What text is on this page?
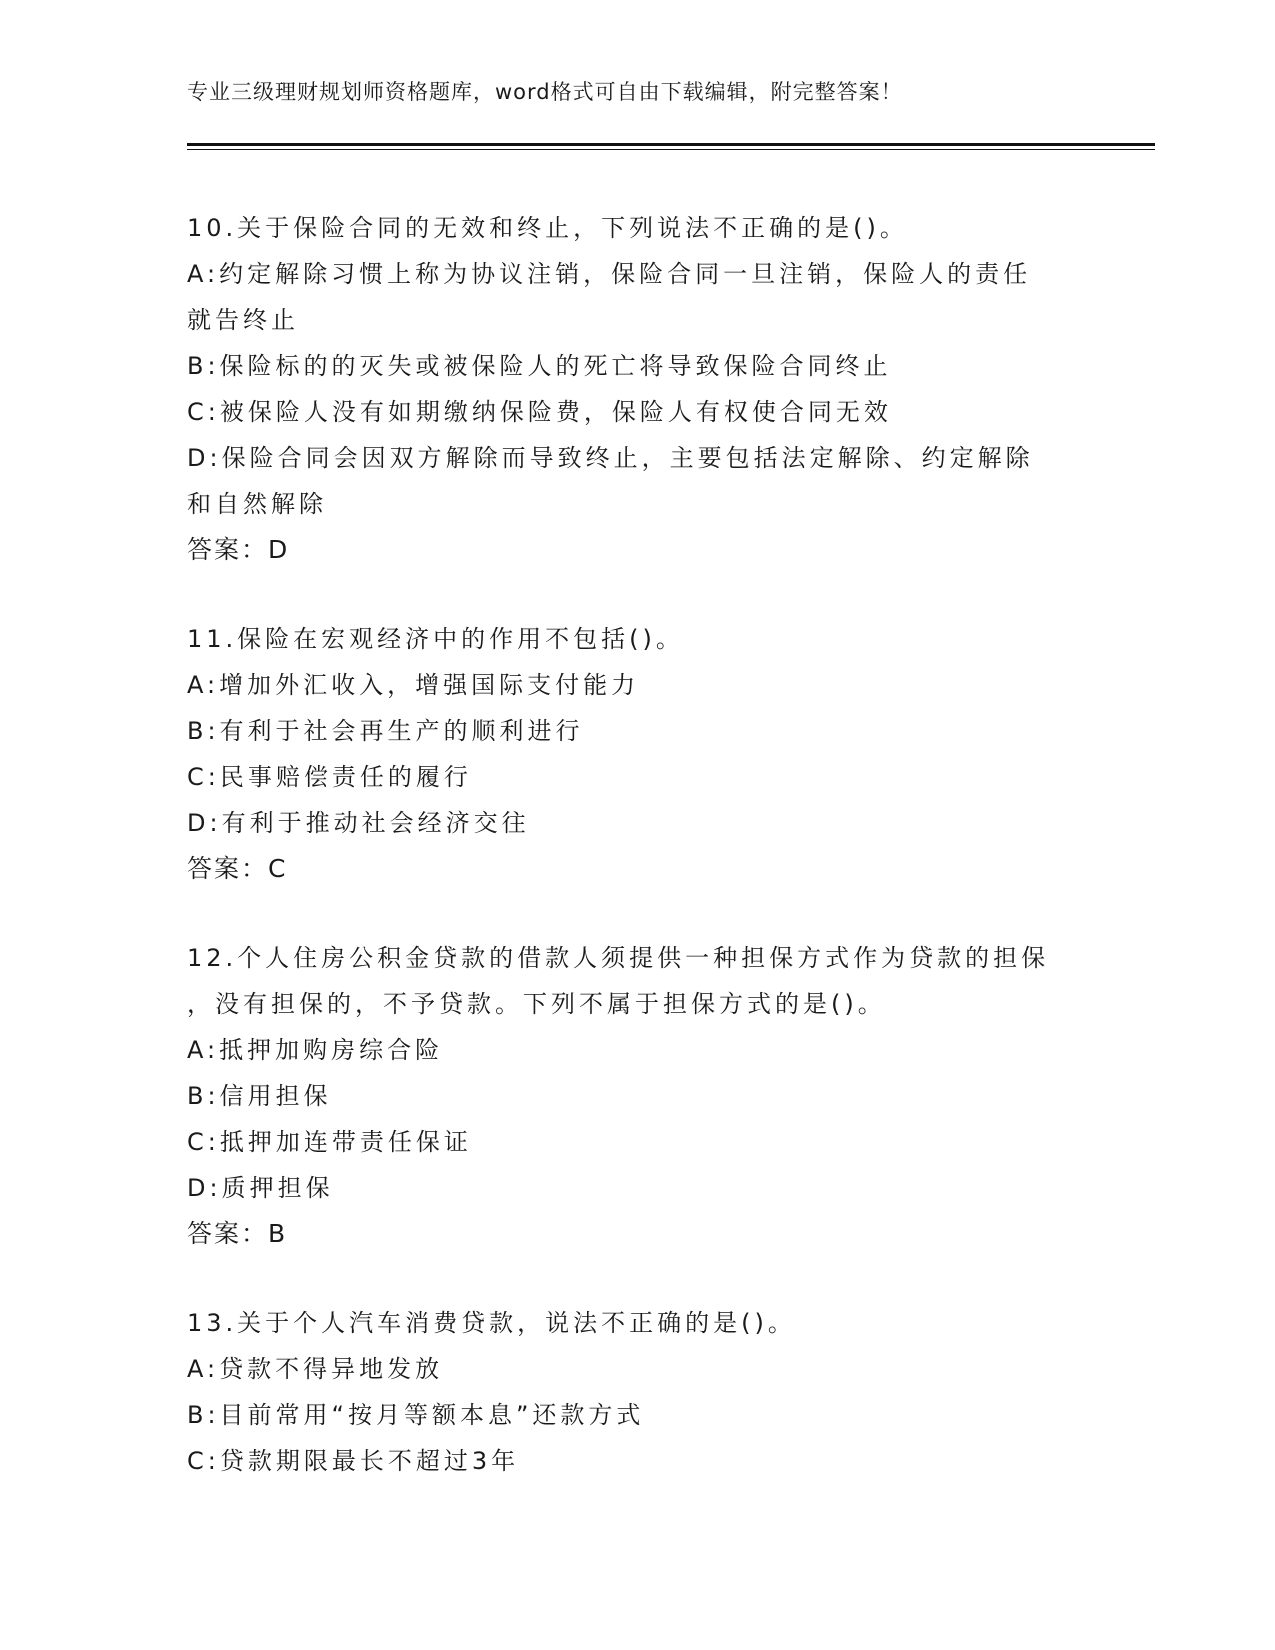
专业三级理财规划师资格题库，word格式可自由下载编辑，附完整答案！
10.关于保险合同的无效和终止，下列说法不正确的是()。
A:约定解除习惯上称为协议注销，保险合同一旦注销，保险人的责任
就告终止
B:保险标的的灭失或被保险人的死亡将导致保险合同终止
C:被保险人没有如期缴纳保险费，保险人有权使合同无效
D:保险合同会因双方解除而导致终止，主要包括法定解除、约定解除
和自然解除
答案：D
11.保险在宏观经济中的作用不包括()。
A:增加外汇收入，增强国际支付能力
B:有利于社会再生产的顺利进行
C:民事赔偿责任的履行
D:有利于推动社会经济交往
答案：C
12.个人住房公积金贷款的借款人须提供一种担保方式作为贷款的担保
，没有担保的，不予贷款。下列不属于担保方式的是()。
A:抵押加购房综合险
B:信用担保
C:抵押加连带责任保证
D:质押担保
答案：B
13.关于个人汽车消费贷款，说法不正确的是()。
A:贷款不得异地发放
B:目前常用“按月等额本息”还款方式
C:贷款期限最长不超过3年
